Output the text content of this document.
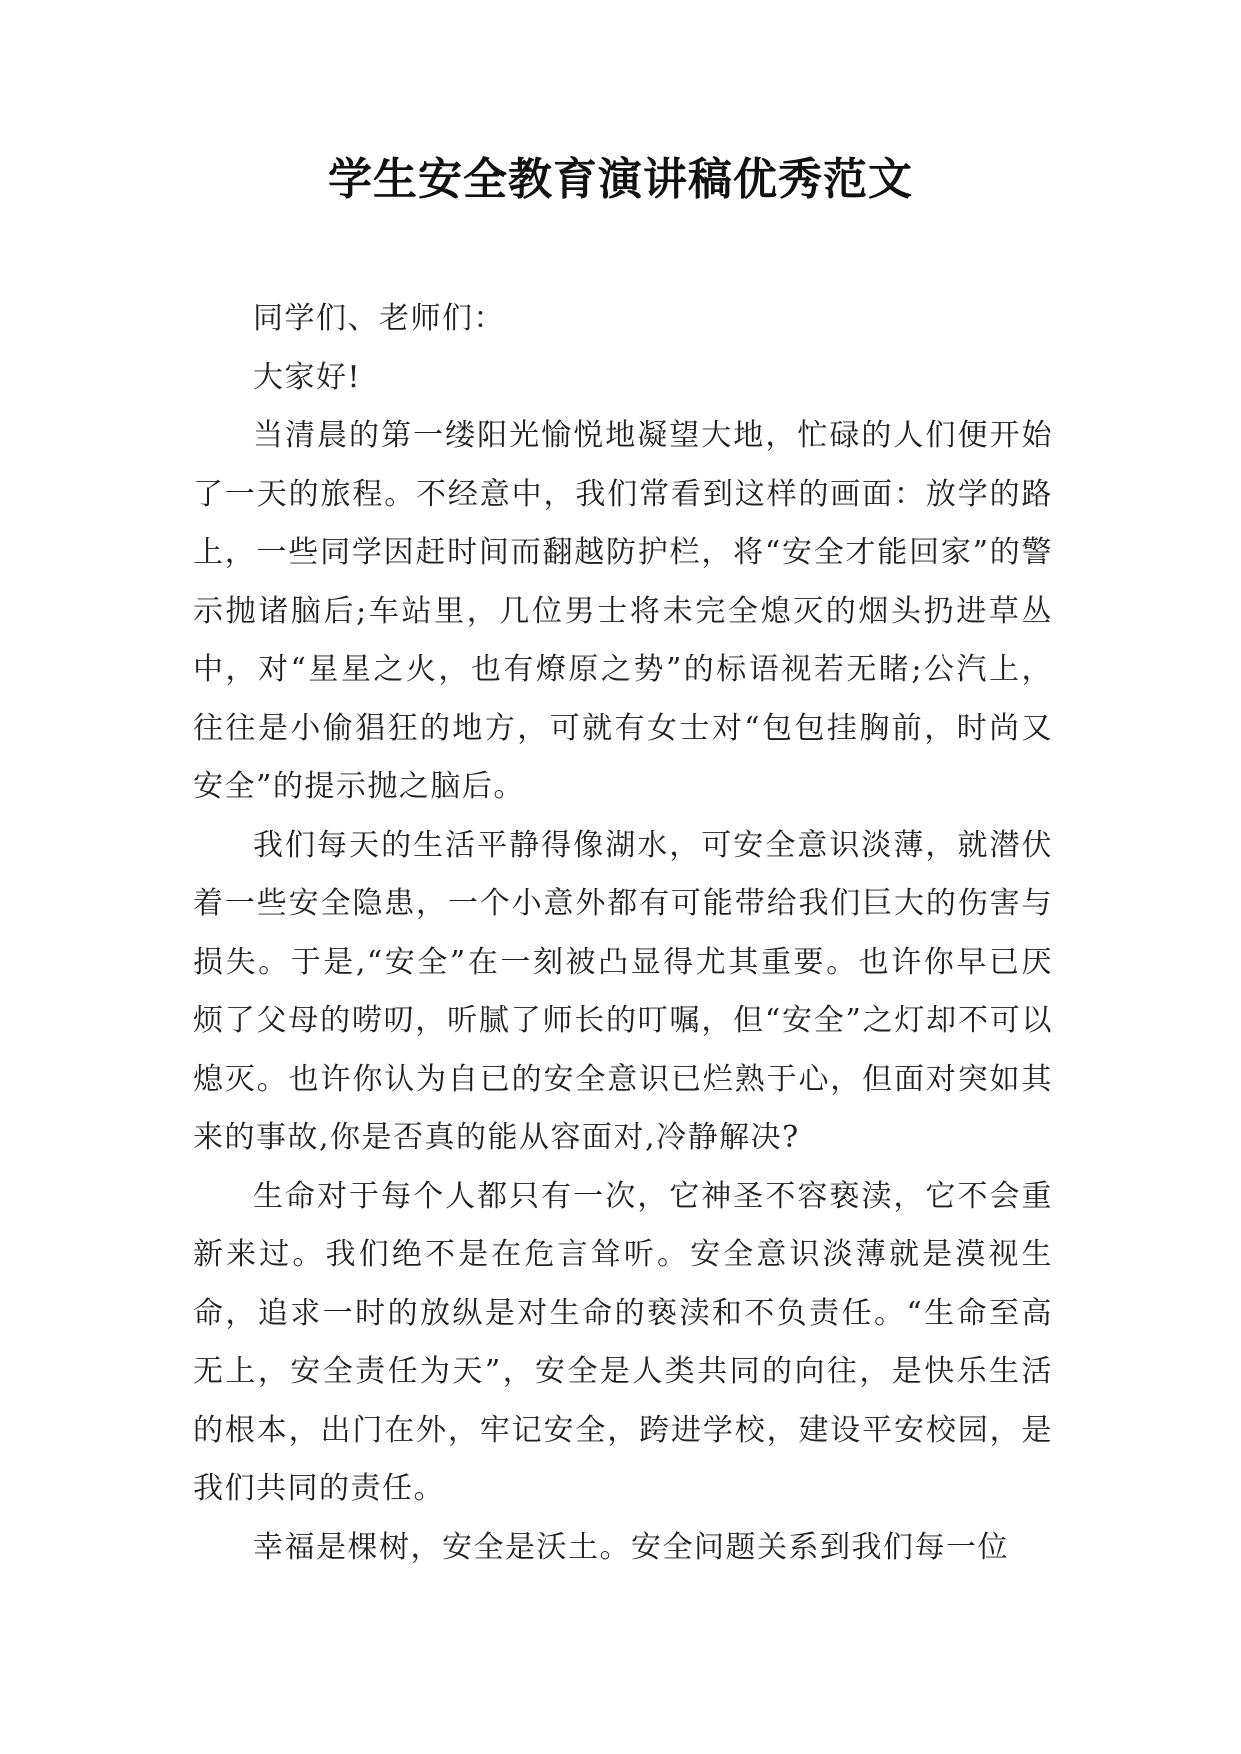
学生安全教育演讲稿优秀范文

同学们、老师们：

大家好!

当清晨的第一缕阳光愉悦地凝望大地，忙碌的人们便开始了一天的旅程。不经意中，我们常看到这样的画面：放学的路上，一些同学因赶时间而翻越防护栏，将“安全才能回家”的警示抛诸脑后;车站里，几位男士将未完全熄灭的烟头扔进草丛中，对“星星之火，也有燎原之势”的标语视若无睹;公汽上，往往是小偷猖狂的地方，可就有女士对“包包挂胸前，时尚又安全”的提示抛之脑后。

我们每天的生活平静得像湖水，可安全意识淡薄，就潜伏着一些安全隐患，一个小意外都有可能带给我们巨大的伤害与损失。于是,“安全”在一刻被凸显得尤其重要。也许你早已厌烦了父母的唠叨，听腻了师长的叮嘱，但“安全”之灯却不可以熄灭。也许你认为自已的安全意识已烂熟于心，但面对突如其来的事故,你是否真的能从容面对,冷静解决?

生命对于每个人都只有一次，它神圣不容亵渎，它不会重新来过。我们绝不是在危言耸听。安全意识淡薄就是漠视生命，追求一时的放纵是对生命的亵渎和不负责任。“生命至高无上，安全责任为天”，安全是人类共同的向往，是快乐生活的根本，出门在外，牢记安全，跨进学校，建设平安校园，是我们共同的责任。

幸福是棵树，安全是沃土。安全问题关系到我们每一位
